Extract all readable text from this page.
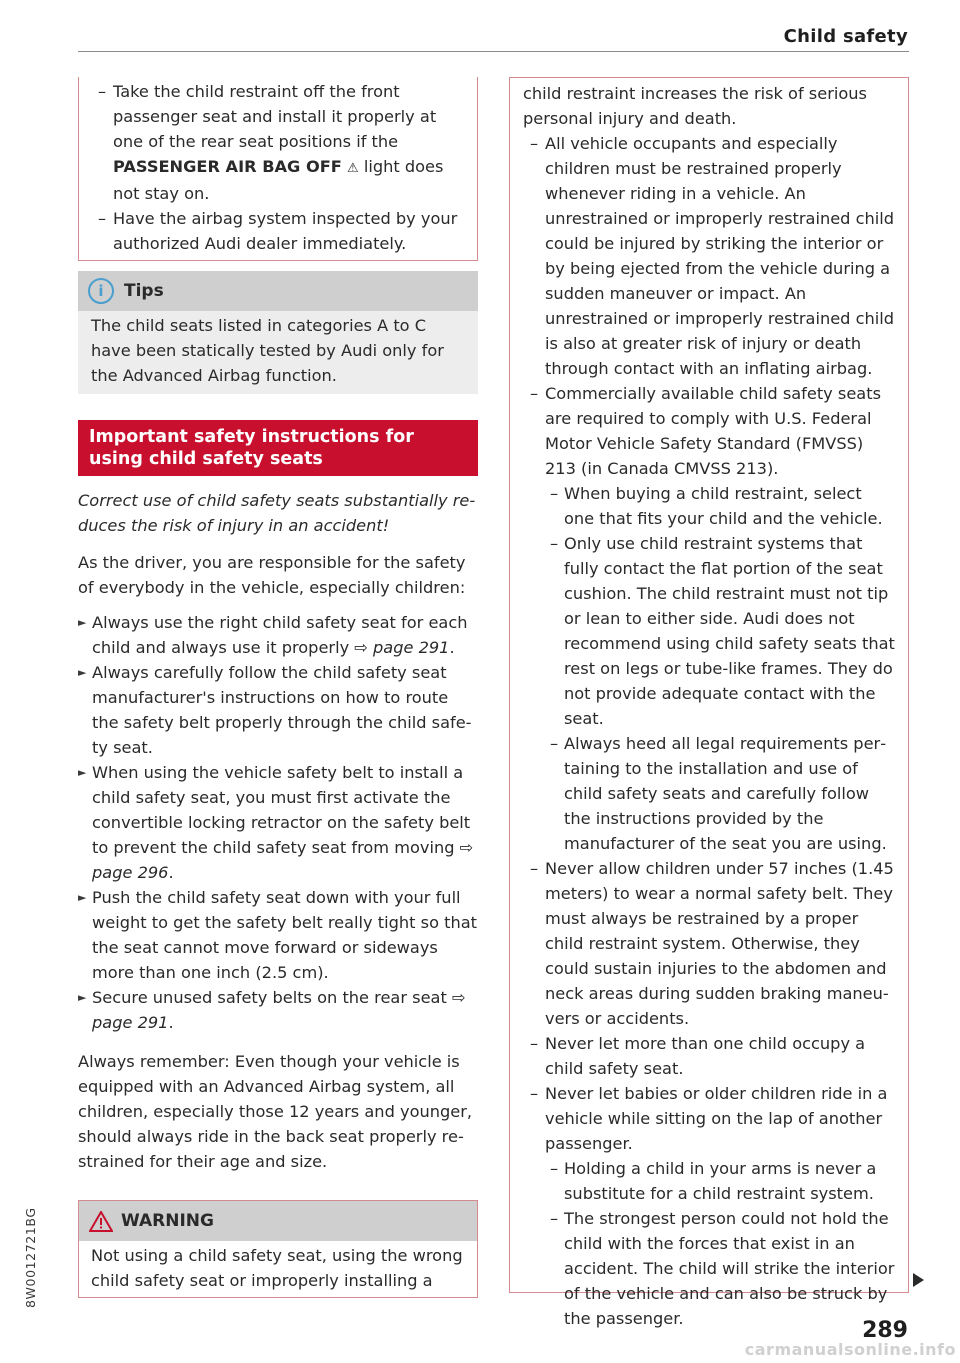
Child safety
8W0012721BG
– Take the child restraint off the front passenger seat and install it properly at one of the rear seat positions if the PASSENGER AIR BAG OFF ⚠ light does not stay on.
– Have the airbag system inspected by your authorized Audi dealer immediately.
i Tips
The child seats listed in categories A to C have been statically tested by Audi only for the Advanced Airbag function.
Important safety instructions for using child safety seats
Correct use of child safety seats substantially reduces the risk of injury in an accident!
As the driver, you are responsible for the safety of everybody in the vehicle, especially children:
► Always use the right child safety seat for each child and always use it properly ⇨ page 291.
► Always carefully follow the child safety seat manufacturer's instructions on how to route the safety belt properly through the child safety seat.
► When using the vehicle safety belt to install a child safety seat, you must first activate the convertible locking retractor on the safety belt to prevent the child safety seat from moving ⇨ page 296.
► Push the child safety seat down with your full weight to get the safety belt really tight so that the seat cannot move forward or sideways more than one inch (2.5 cm).
► Secure unused safety belts on the rear seat ⇨ page 291.
Always remember: Even though your vehicle is equipped with an Advanced Airbag system, all children, especially those 12 years and younger, should always ride in the back seat properly restrained for their age and size.
WARNING
Not using a child safety seat, using the wrong child safety seat or improperly installing a
child restraint increases the risk of serious personal injury and death.
– All vehicle occupants and especially children must be restrained properly whenever riding in a vehicle. An unrestrained or improperly restrained child could be injured by striking the interior or by being ejected from the vehicle during a sudden maneuver or impact. An unrestrained or improperly restrained child is also at greater risk of injury or death through contact with an inflating airbag.
– Commercially available child safety seats are required to comply with U.S. Federal Motor Vehicle Safety Standard (FMVSS) 213 (in Canada CMVSS 213).
– When buying a child restraint, select one that fits your child and the vehicle.
– Only use child restraint systems that fully contact the flat portion of the seat cushion. The child restraint must not tip or lean to either side. Audi does not recommend using child safety seats that rest on legs or tube-like frames. They do not provide adequate contact with the seat.
– Always heed all legal requirements pertaining to the installation and use of child safety seats and carefully follow the instructions provided by the manufacturer of the seat you are using.
– Never allow children under 57 inches (1.45 meters) to wear a normal safety belt. They must always be restrained by a proper child restraint system. Otherwise, they could sustain injuries to the abdomen and neck areas during sudden braking maneuvers or accidents.
– Never let more than one child occupy a child safety seat.
– Never let babies or older children ride in a vehicle while sitting on the lap of another passenger.
– Holding a child in your arms is never a substitute for a child restraint system.
– The strongest person could not hold the child with the forces that exist in an accident. The child will strike the interior of the vehicle and can also be struck by the passenger.	289
carmanualsonline.info
